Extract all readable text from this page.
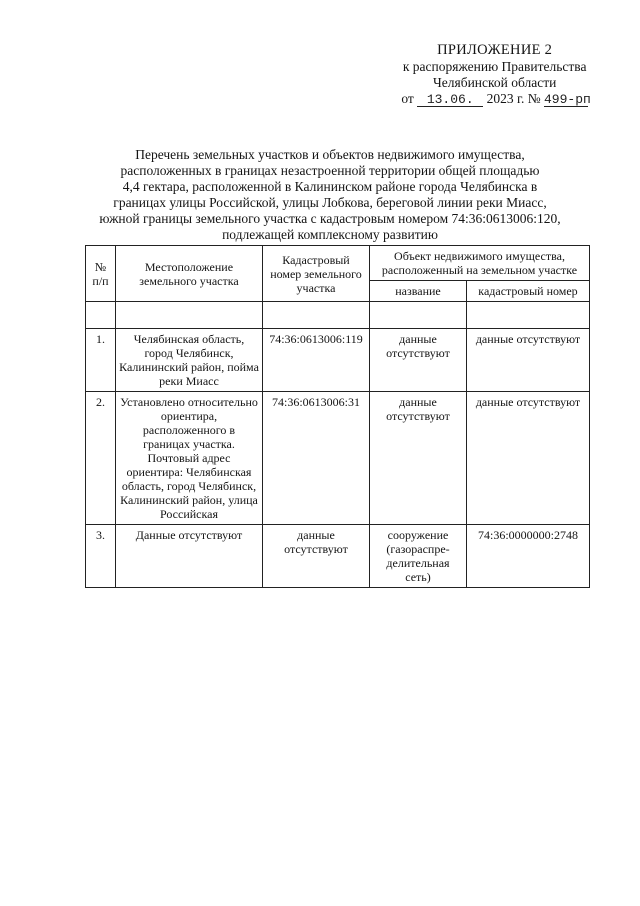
ПРИЛОЖЕНИЕ 2
к распоряжению Правительства
Челябинской области
от 13.06. 2023 г. № 499-рп
Перечень земельных участков и объектов недвижимого имущества,
расположенных в границах незастроенной территории общей площадью
4,4 гектара, расположенной в Калининском районе города Челябинска в
границах улицы Российской, улицы Лобкова, береговой линии реки Миасс,
южной границы земельного участка с кадастровым номером 74:36:0613006:120,
подлежащей комплексному развитию
№ п/п	Местоположение земельного участка	Кадастровый номер земельного участка	Объект недвижимого имущества, расположенный на земельном участке	
			название	кадастровый номер

1.	Челябинская область, город Челябинск, Калининский район, пойма реки Миасс	74:36:0613006:119	данные отсутствуют	данные отсутствуют
2.	Установлено относительно ориентира, расположенного в границах участка. Почтовый адрес ориентира: Челябинская область, город Челябинск, Калининский район, улица Российская	74:36:0613006:31	данные отсутствуют	данные отсутствуют
3.	Данные отсутствуют	данные отсутствуют	сооружение (газораспре-делительная сеть)	74:36:0000000:2748
